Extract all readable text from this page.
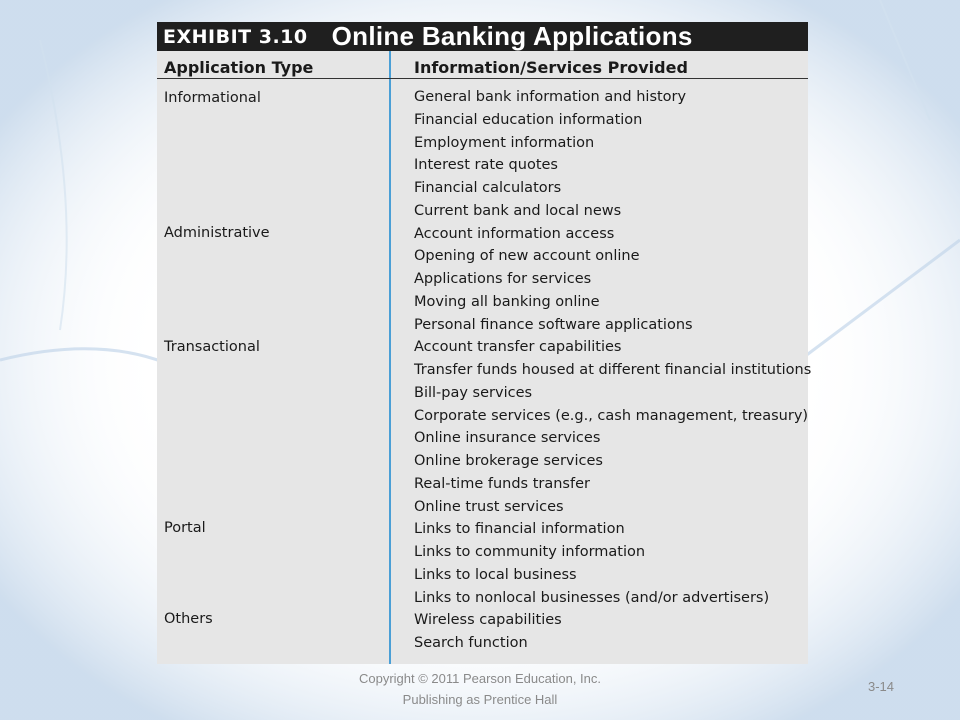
EXHIBIT 3.10 Online Banking Applications
Application Type	Information/Services Provided
Informational
Administrative
Transactional
Portal
Others
General bank information and history
Financial education information
Employment information
Interest rate quotes
Financial calculators
Current bank and local news
Account information access
Opening of new account online
Applications for services
Moving all banking online
Personal finance software applications
Account transfer capabilities
Transfer funds housed at different financial institutions
Bill-pay services
Corporate services (e.g., cash management, treasury)
Online insurance services
Online brokerage services
Real-time funds transfer
Online trust services
Links to financial information
Links to community information
Links to local business
Links to nonlocal businesses (and/or advertisers)
Wireless capabilities
Search function
Copyright © 2011 Pearson Education, Inc.
Publishing as Prentice Hall
3-14
